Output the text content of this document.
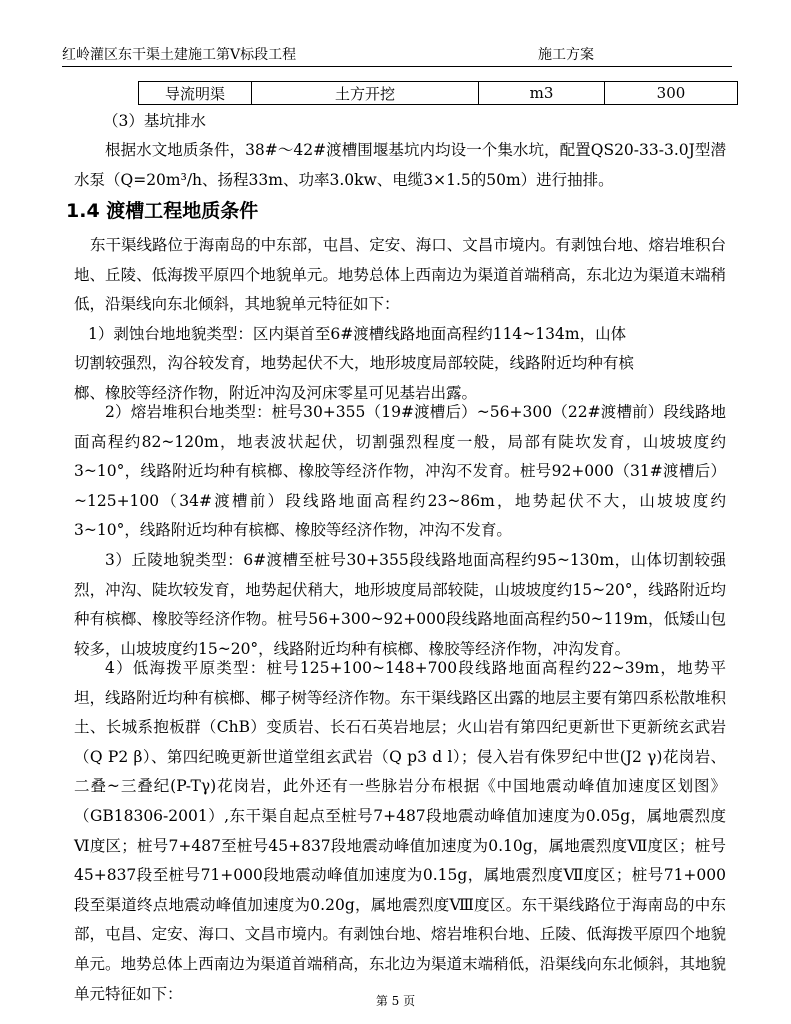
红岭灌区东干渠土建施工第Ⅴ标段工程	施工方案
导流明渠	土方开挖	m3	300

（3）基坑排水

根据水文地质条件，38#～42#渡槽围堰基坑内均设一个集水坑，配置QS20-33-3.0J型潜水泵（Q=20m³/h、扬程33m、功率3.0kw、电缆3×1.5的50m）进行抽排。

1.4 渡槽工程地质条件

东干渠线路位于海南岛的中东部，屯昌、定安、海口、文昌市境内。有剥蚀台地、熔岩堆积台地、丘陵、低海拨平原四个地貌单元。地势总体上西南边为渠道首端稍高，东北边为渠道末端稍低，沿渠线向东北倾斜，其地貌单元特征如下：

1）剥蚀台地地貌类型：区内渠首至6#渡槽线路地面高程约114~134m，山体

切割较强烈，沟谷较发育，地势起伏不大，地形坡度局部较陡，线路附近均种有槟榔、橡胶等经济作物，附近冲沟及河床零星可见基岩出露。

2）熔岩堆积台地类型：桩号30+355（19#渡槽后）~56+300（22#渡槽前）段线路地面高程约82~120m，地表波状起伏，切割强烈程度一般，局部有陡坎发育，山坡坡度约3~10°，线路附近均种有槟榔、橡胶等经济作物，冲沟不发育。桩号92+000（31#渡槽后）~125+100（34#渡槽前）段线路地面高程约23~86m，地势起伏不大，山坡坡度约3~10°，线路附近均种有槟榔、橡胶等经济作物，冲沟不发育。

3）丘陵地貌类型：6#渡槽至桩号30+355段线路地面高程约95~130m，山体切割较强烈，冲沟、陡坎较发育，地势起伏稍大，地形坡度局部较陡，山坡坡度约15~20°，线路附近均种有槟榔、橡胶等经济作物。桩号56+300~92+000段线路地面高程约50~119m，低矮山包较多，山坡坡度约15~20°，线路附近均种有槟榔、橡胶等经济作物，冲沟发育。

4）低海拨平原类型：桩号125+100~148+700段线路地面高程约22~39m，地势平坦，线路附近均种有槟榔、椰子树等经济作物。东干渠线路区出露的地层主要有第四系松散堆积土、长城系抱板群（ChB）变质岩、长石石英岩地层；火山岩有第四纪更新世下更新统玄武岩（Q P2 β）、第四纪晚更新世道堂组玄武岩（Q p3 d l）；侵入岩有侏罗纪中世(J2 γ)花岗岩、二叠~三叠纪(P-Tγ)花岗岩，此外还有一些脉岩分布根据《中国地震动峰值加速度区划图》（GB18306-2001）,东干渠自起点至桩号7+487段地震动峰值加速度为0.05g，属地震烈度Ⅵ度区；桩号7+487至桩号45+837段地震动峰值加速度为0.10g，属地震烈度Ⅶ度区；桩号45+837段至桩号71+000段地震动峰值加速度为0.15g，属地震烈度Ⅶ度区；桩号71+000段至渠道终点地震动峰值加速度为0.20g，属地震烈度Ⅷ度区。东干渠线路位于海南岛的中东部，屯昌、定安、海口、文昌市境内。有剥蚀台地、熔岩堆积台地、丘陵、低海拨平原四个地貌单元。地势总体上西南边为渠道首端稍高，东北边为渠道末端稍低，沿渠线向东北倾斜，其地貌单元特征如下：	第 5 页
